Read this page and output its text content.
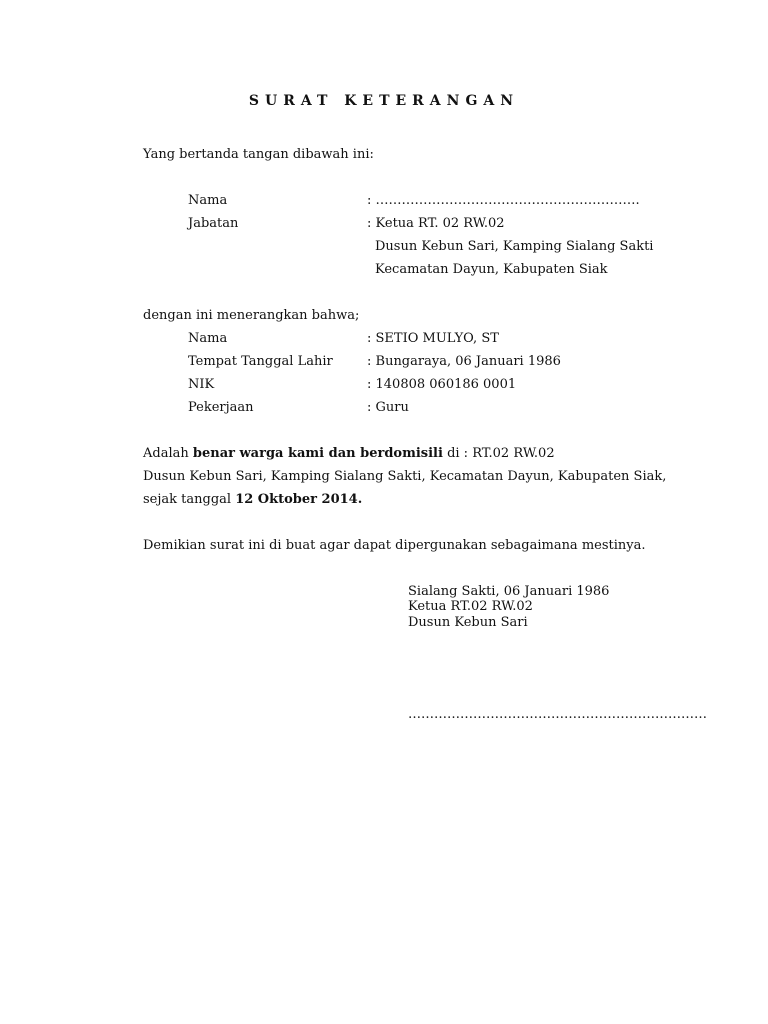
SURAT KETERANGAN
Yang bertanda tangan dibawah ini:
Nama	: …………………………………………………….
Jabatan	: Ketua RT. 02 RW.02
Dusun Kebun Sari, Kamping Sialang Sakti
Kecamatan Dayun, Kabupaten Siak
dengan ini menerangkan bahwa;
Nama	: SETIO MULYO, ST
Tempat Tanggal Lahir	: Bungaraya, 06 Januari 1986
NIK	: 140808 060186 0001
Pekerjaan	: Guru
Adalah benar warga kami dan berdomisili di : RT.02 RW.02
Dusun Kebun Sari, Kamping Sialang Sakti, Kecamatan Dayun, Kabupaten Siak,
sejak tanggal 12 Oktober 2014.
Demikian surat ini di buat agar dapat dipergunakan sebagaimana mestinya.
Sialang Sakti, 06 Januari 1986
Ketua RT.02 RW.02
Dusun Kebun Sari
……………………………………………………………
